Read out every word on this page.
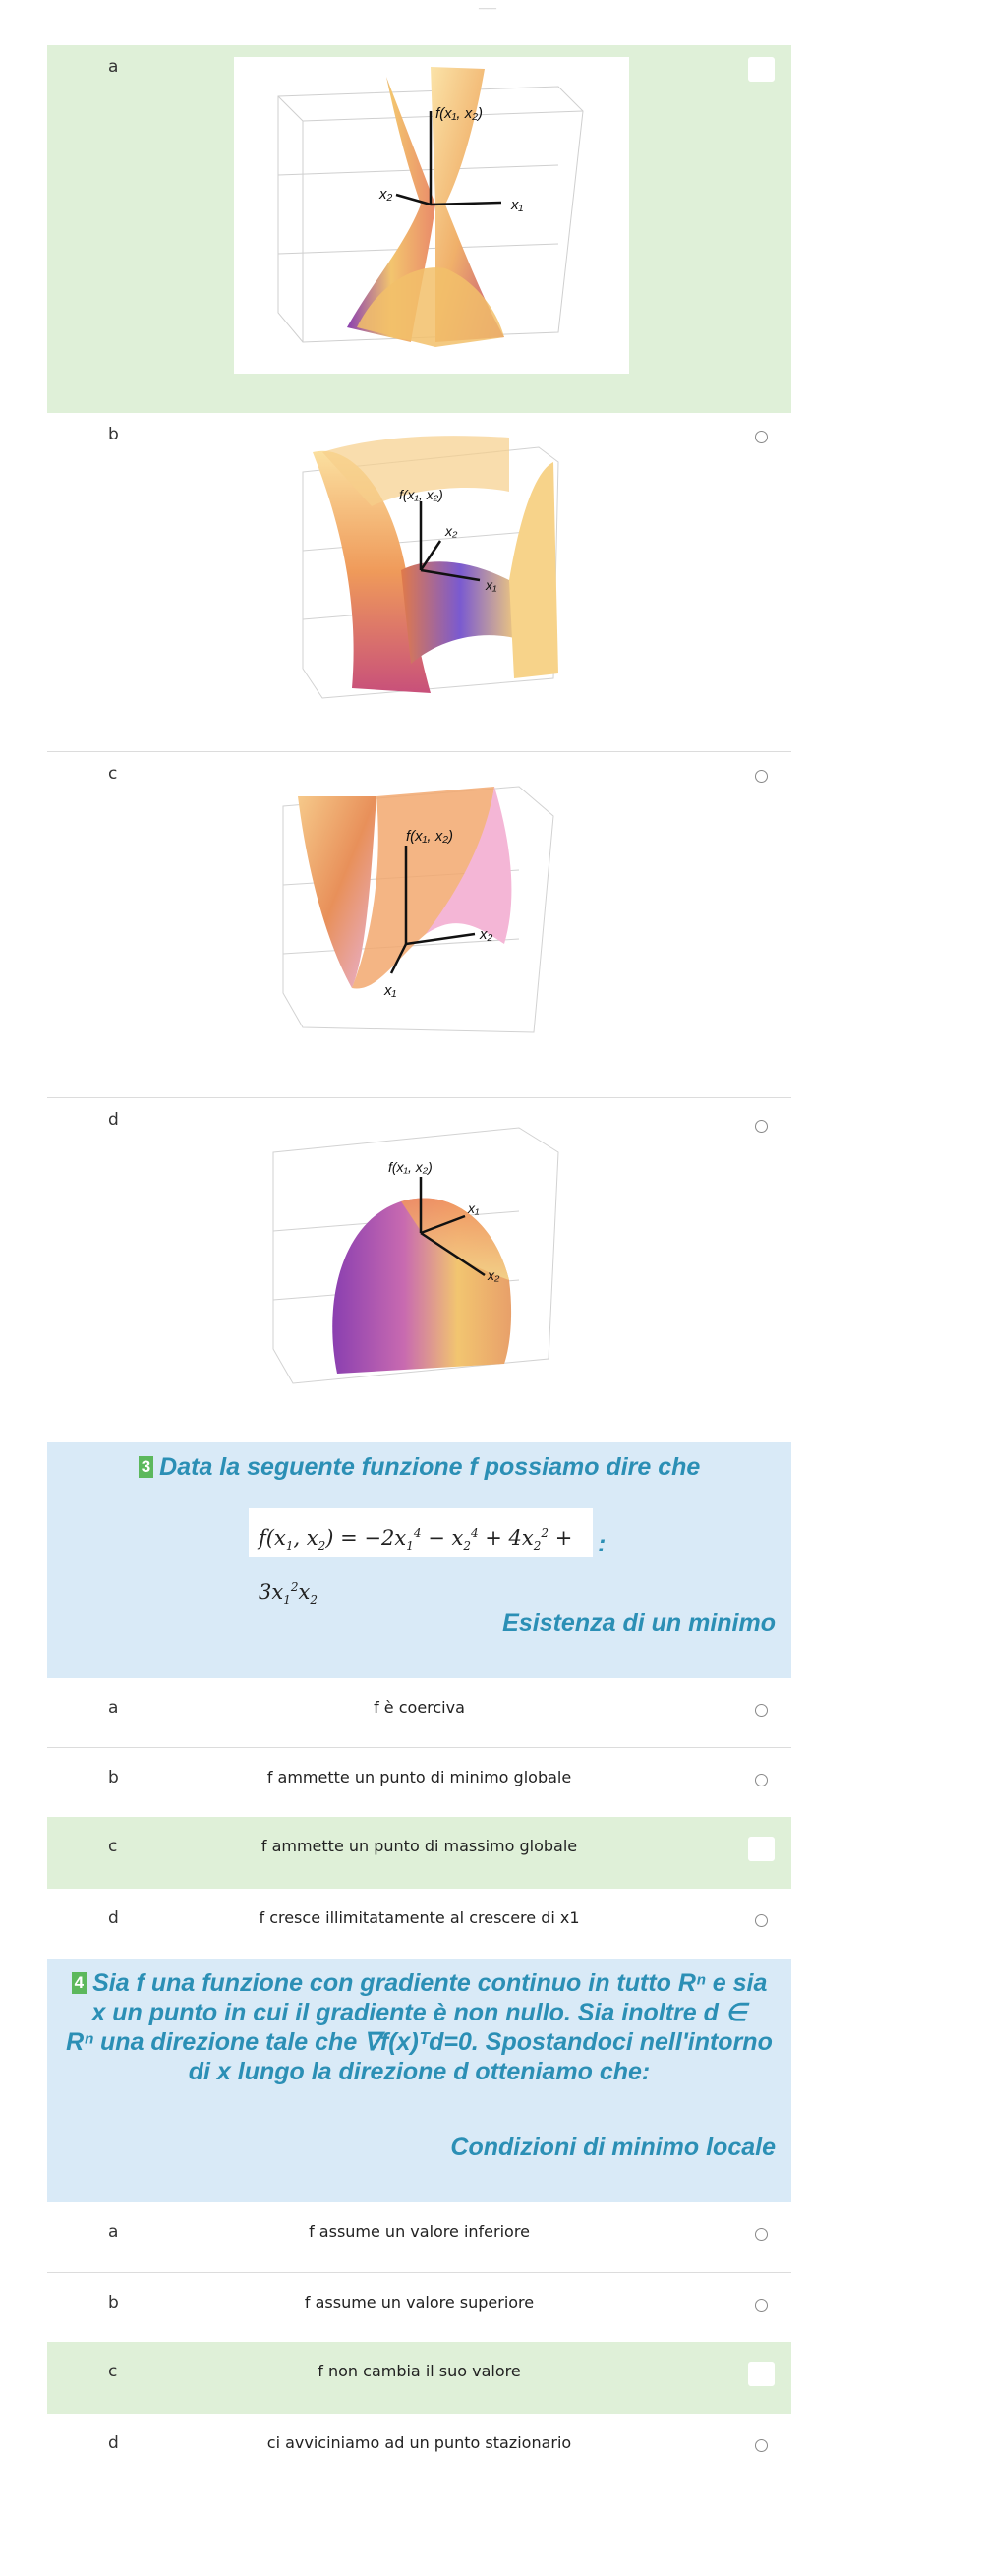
____
a
f(x₁, x₂)
x₁
x₂
b
f(x₁, x₂)
x₁
x₂
c
f(x₁, x₂)
x₂
x₁
d
f(x₁, x₂)
x₁
x₂
3 Data la seguente funzione f possiamo dire che
$f(x_1$, $x_2) = -2x_1^4 - x_2^4 + 4x_2^2 + 3x_1^2x_2$
:
Esistenza di un minimo
a	f è coerciva
b	f ammette un punto di minimo globale
c	f ammette un punto di massimo globale
d	f cresce illimitatamente al crescere di x1
4 Sia f una funzione con gradiente continuo in tutto Rⁿ e sia
x un punto in cui il gradiente è non nullo. Sia inoltre d ∈
Rⁿ una direzione tale che ∇f(x)ᵀd=0. Spostandoci nell'intorno
di x lungo la direzione d otteniamo che:
Condizioni di minimo locale
a	f assume un valore inferiore
b	f assume un valore superiore
c	f non cambia il suo valore
d	ci avviciniamo ad un punto stazionario
